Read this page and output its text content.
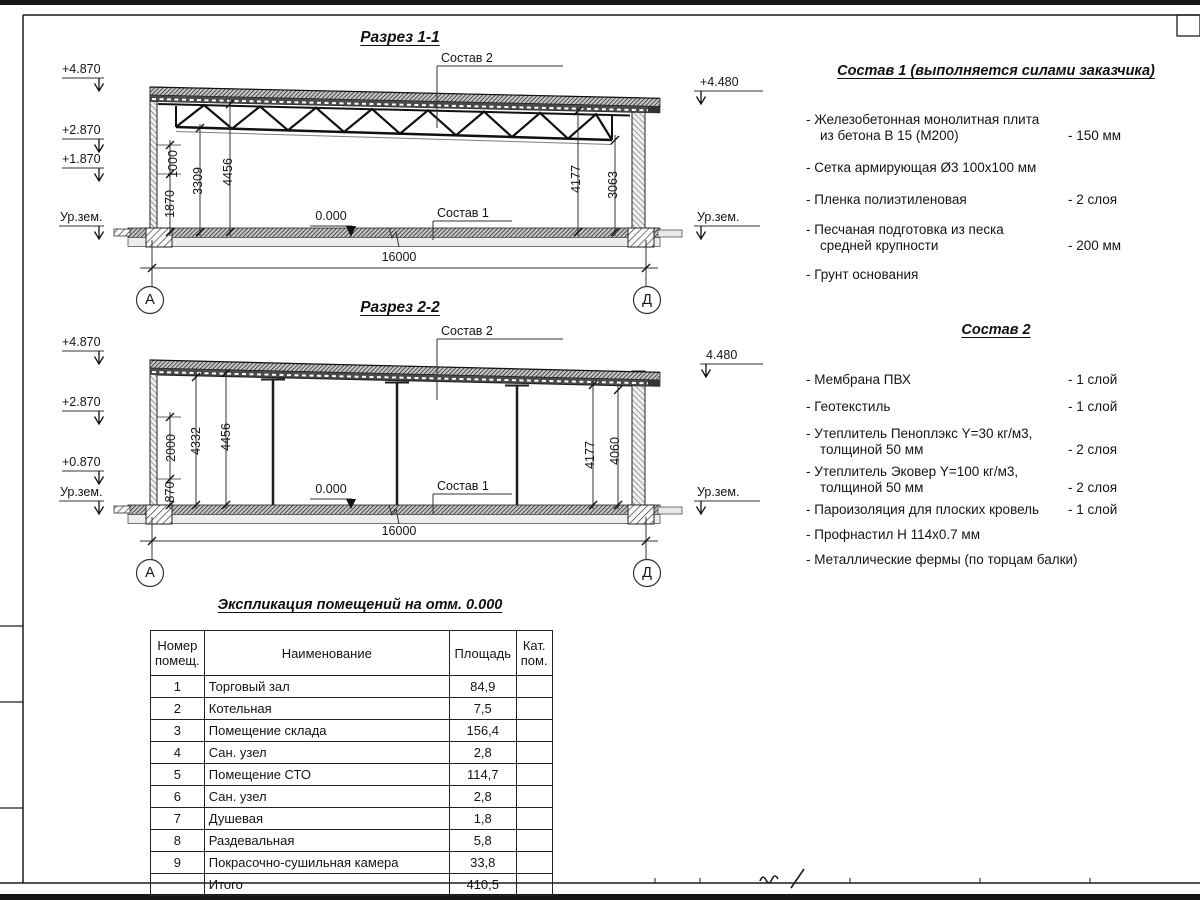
Разрез 1-1
Состав 2
+4.870
+2.870
+1.870
Ур.зем.
+4.480
Ур.зем.
1870
1000
3309 4456	4177 3063
0.000	Состав 1
16000
А	Д
Разрез 2-2
Состав 2
+4.870
+2.870
+0.870
Ур.зем.
4.480
Ур.зем.
870
2000 4332 4456
4177 4060
0.000	Состав 1
16000
А	Д
Состав 1 (выполняется силами заказчика)
- Железобетонная монолитная плита
из бетона В 15 (М200)	- 150 мм
- Сетка армирующая Ø3 100х100 мм
- Пленка полиэтиленовая	- 2 слоя
- Песчаная подготовка из песка
средней крупности	- 200 мм
- Грунт основания
Состав 2
- Мембрана ПВХ	- 1 слой
- Геотекстиль	- 1 слой
- Утеплитель Пеноплэкс Y=30 кг/м3,
толщиной 50 мм	- 2 слоя
- Утеплитель Эковер Y=100 кг/м3,
толщиной 50 мм	- 2 слоя
- Пароизоляция для плоских кровель	- 1 слой
- Профнастил Н 114х0.7 мм
- Металлические фермы (по торцам балки)
Экспликация помещений на отм. 0.000
Номер
помещ.	Наименование	Площадь	Кат.
пом.
1	Торговый зал	84,9	
2	Котельная	7,5	
3	Помещение склада	156,4	
4	Сан. узел	2,8	
5	Помещение СТО	114,7	
6	Сан. узел	2,8	
7	Душевая	1,8	
8	Раздевальная	5,8	
9	Покрасочно-сушильная камера	33,8	
	Итого	410,5	
